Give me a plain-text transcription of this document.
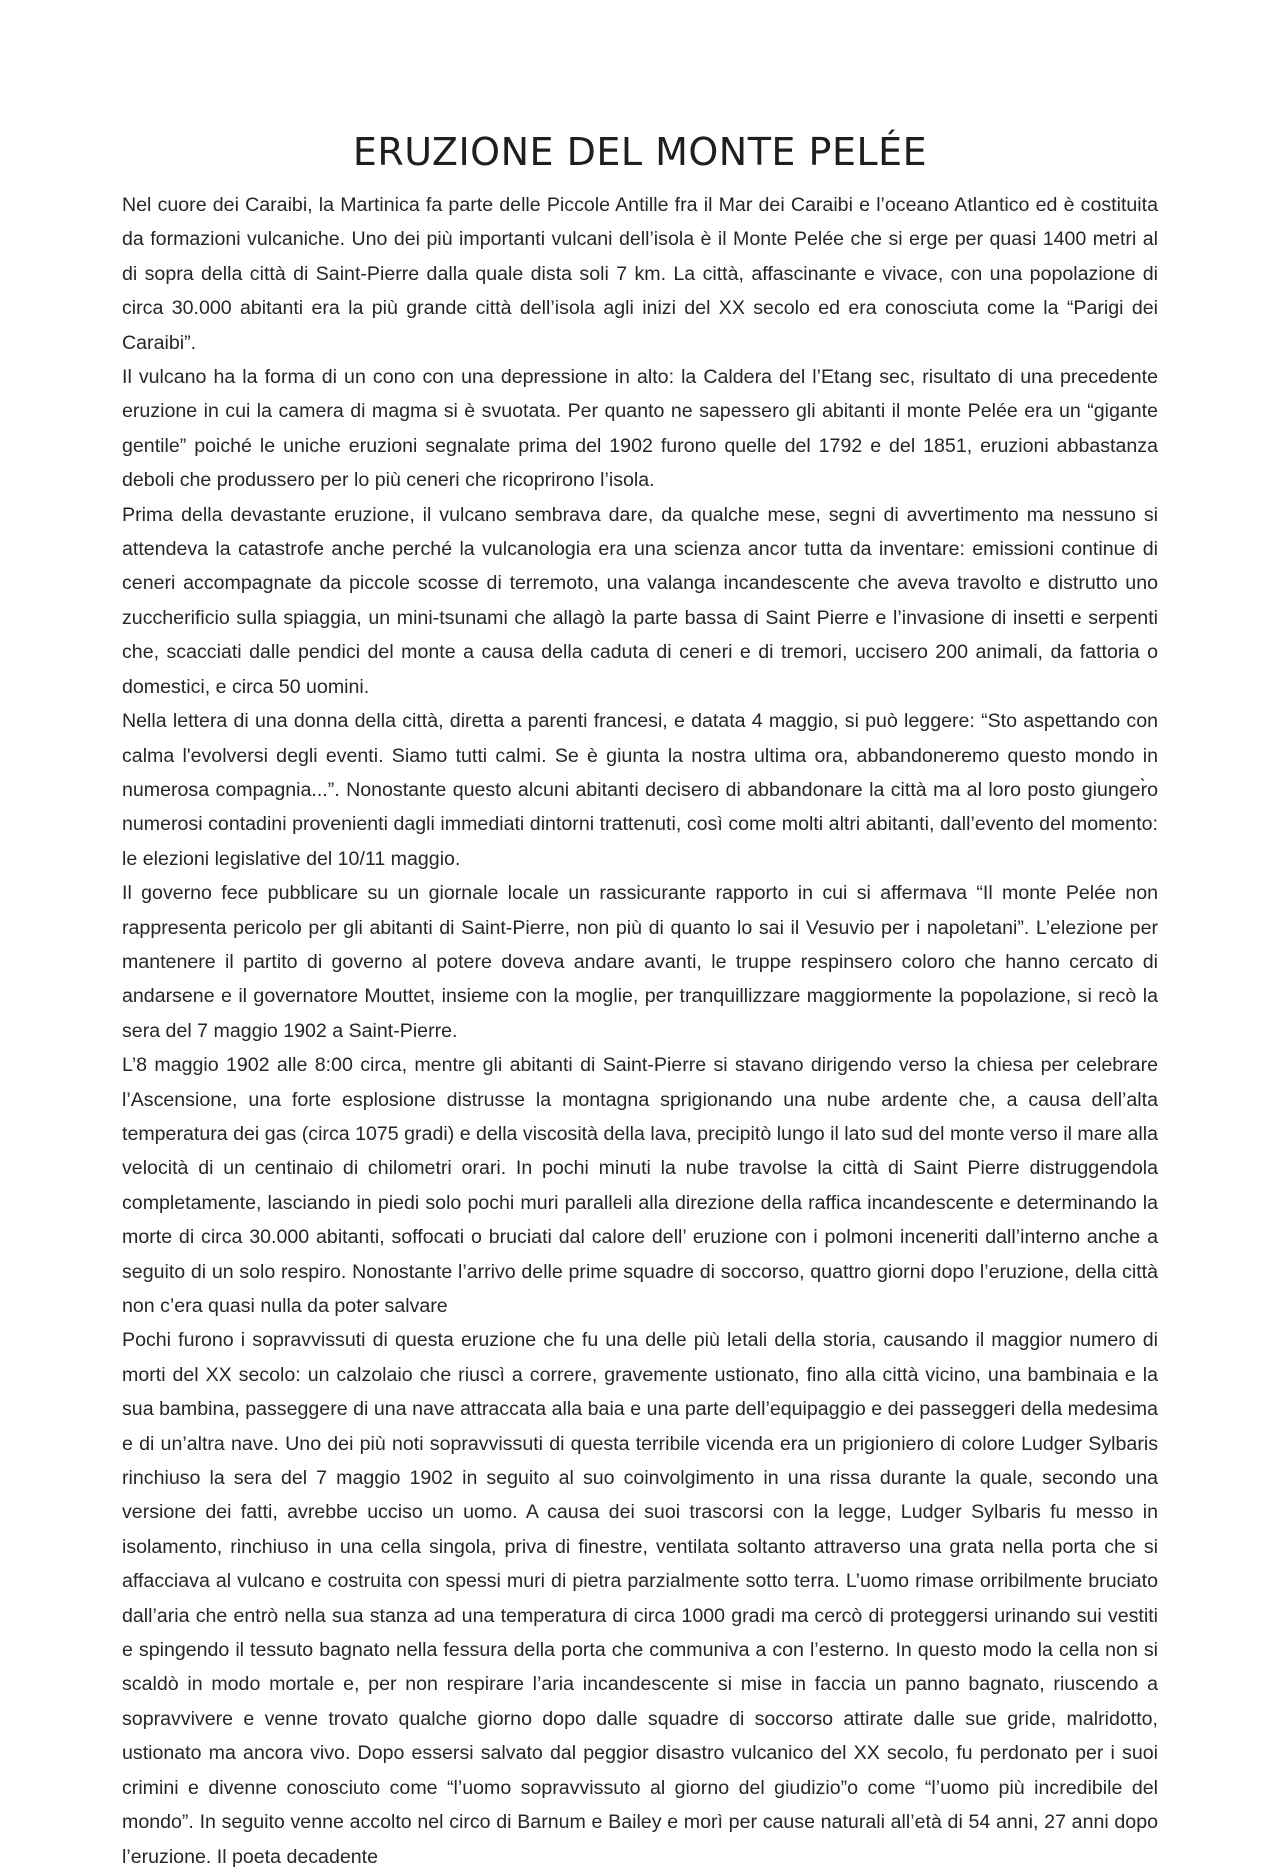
ERUZIONE DEL MONTE PELÉE

Nel cuore dei Caraibi, la Martinica fa parte delle Piccole Antille fra il Mar dei Caraibi e l’oceano Atlantico ed è costituita da formazioni vulcaniche. Uno dei più importanti vulcani dell’isola è il Monte Pelée che si erge per quasi 1400 metri al di sopra della città di Saint-Pierre dalla quale dista soli 7 km. La città, affascinante e vivace, con una popolazione di circa 30.000 abitanti era la più grande città dell’isola agli inizi del XX secolo ed era conosciuta come la “Parigi dei Caraibi”.

Il vulcano ha la forma di un cono con una depressione in alto: la Caldera del l’Etang sec, risultato di una precedente eruzione in cui la camera di magma si è svuotata. Per quanto ne sapessero gli abitanti il monte Pelée era un “gigante gentile” poiché le uniche eruzioni segnalate prima del 1902 furono quelle del 1792 e del 1851, eruzioni abbastanza deboli che produssero per lo più ceneri che ricoprirono l’isola.

Prima della devastante eruzione, il vulcano sembrava dare, da qualche mese, segni di avvertimento ma nessuno si attendeva la catastrofe anche perché la vulcanologia era una scienza ancor tutta da inventare: emissioni continue di ceneri accompagnate da piccole scosse di terremoto, una valanga incandescente che aveva travolto e distrutto uno zuccherificio sulla spiaggia, un mini-tsunami che allagò la parte bassa di Saint Pierre e l’invasione di insetti e serpenti che, scacciati dalle pendici del monte a causa della caduta di ceneri e di tremori, uccisero 200 animali, da fattoria o domestici, e circa 50 uomini.

Nella lettera di una donna della città, diretta a parenti francesi, e datata 4 maggio, si può leggere: “Sto aspettando con calma l'evolversi degli eventi. Siamo tutti calmi. Se è giunta la nostra ultima ora, abbandoneremo questo mondo in numerosa compagnia...”. Nonostante questo alcuni abitanti decisero di abbandonare la città ma al loro posto giunger̀o numerosi contadini provenienti dagli immediati dintorni trattenuti, così come molti altri abitanti, dall’evento del momento: le elezioni legislative del 10/11 maggio.

Il governo fece pubblicare su un giornale locale un rassicurante rapporto in cui si affermava “Il monte Pelée non rappresenta pericolo per gli abitanti di Saint-Pierre, non più di quanto lo sai il Vesuvio per i napoletani”. L’elezione per mantenere il partito di governo al potere doveva andare avanti, le truppe respinsero coloro che hanno cercato di andarsene e il governatore Mouttet, insieme con la moglie, per tranquillizzare maggiormente la popolazione, si recò la sera del 7 maggio 1902 a Saint-Pierre.

L’8 maggio 1902 alle 8:00 circa, mentre gli abitanti di Saint-Pierre si stavano dirigendo verso la chiesa per celebrare l’Ascensione, una forte esplosione distrusse la montagna sprigionando una nube ardente che, a causa dell’alta temperatura dei gas (circa 1075 gradi) e della viscosità della lava, precipitò lungo il lato sud del monte verso il mare alla velocità di un centinaio di chilometri orari. In pochi minuti la nube travolse la città di Saint Pierre distruggendola completamente, lasciando in piedi solo pochi muri paralleli alla direzione della raffica incandescente e determinando la morte di circa 30.000 abitanti, soffocati o bruciati dal calore dell’ eruzione con i polmoni inceneriti dall’interno anche a seguito di un solo respiro. Nonostante l’arrivo delle prime squadre di soccorso, quattro giorni dopo l’eruzione, della città non c’era quasi nulla da poter salvare

Pochi furono i sopravvissuti di questa eruzione che fu una delle più letali della storia, causando il maggior numero di morti del XX secolo: un calzolaio che riuscì a correre, gravemente ustionato, fino alla città vicino, una bambinaia e la sua bambina, passeggere di una nave attraccata alla baia e una parte dell’equipaggio e dei passeggeri della medesima e di un’altra nave. Uno dei più noti sopravvissuti di questa terribile vicenda era un prigioniero di colore Ludger Sylbaris rinchiuso la sera del 7 maggio 1902 in seguito al suo coinvolgimento in una rissa durante la quale, secondo una versione dei fatti, avrebbe ucciso un uomo. A causa dei suoi trascorsi con la legge, Ludger Sylbaris fu messo in isolamento, rinchiuso in una cella singola, priva di finestre, ventilata soltanto attraverso una grata nella porta che si affacciava al vulcano e costruita con spessi muri di pietra parzialmente sotto terra. L’uomo rimase orribilmente bruciato dall’aria che entrò nella sua stanza ad una temperatura di circa 1000 gradi ma cercò di proteggersi urinando sui vestiti e spingendo il tessuto bagnato nella fessura della porta che communiva a con l’esterno. In questo modo la cella non si scaldò in modo mortale e, per non respirare l’aria incandescente si mise in faccia un panno bagnato, riuscendo a sopravvivere e venne trovato qualche giorno dopo dalle squadre di soccorso attirate dalle sue gride, malridotto, ustionato ma ancora vivo. Dopo essersi salvato dal peggior disastro vulcanico del XX secolo, fu perdonato per i suoi crimini e divenne conosciuto come “l’uomo sopravvissuto al giorno del giudizio”o come “l’uomo più incredibile del mondo”. In seguito venne accolto nel circo di Barnum e Bailey e morì per cause naturali all’età di 54 anni, 27 anni dopo l’eruzione. Il poeta decadente
